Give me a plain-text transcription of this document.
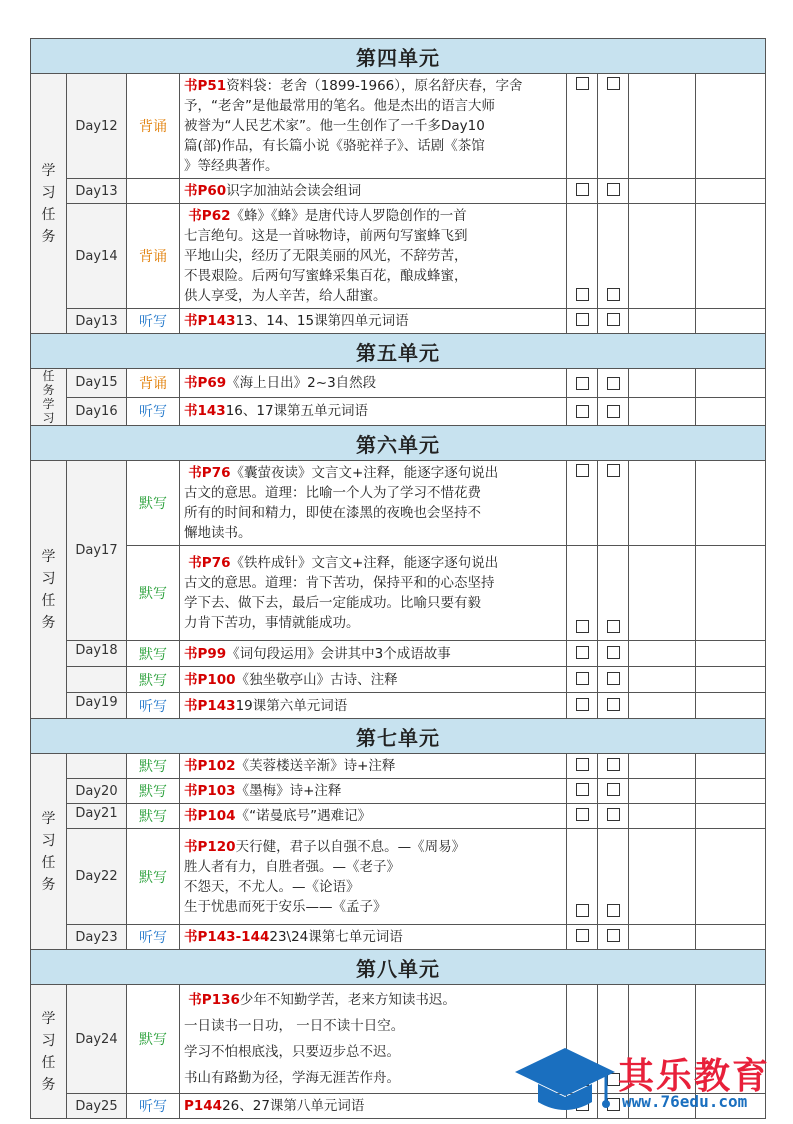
第四单元							

学
习
任
务	Day12	背诵	书P51资料袋：老舍（1899-1966），原名舒庆春，字舍
予，“老舍”是他最常用的笔名。他是杰出的语言大师
被誉为“人民艺术家”。他一生创作了一千多Day10
篇(部)作品，有长篇小说《骆驼祥子》、话剧《茶馆
》等经典著作。				

	Day13		书P60识字加油站会读会组词				
	Day14	背诵	书P62《蜂》《蜂》是唐代诗人罗隐创作的一首
七言绝句。这是一首咏物诗，前两句写蜜蜂飞到
平地山尖，经历了无限美丽的风光，不辞劳苦，
不畏艰险。后两句写蜜蜂采集百花，酿成蜂蜜，
供人享受，为人辛苦，给人甜蜜。				

	Day13	听写	书P14313、14、15课第四单元词语				
第五单元							

任
务
学
习	Day15	背诵	书P69《海上日出》2~3自然段				
	Day16	听写	书14316、17课第五单元词语				
第六单元							

学
习
任
务	Day17	默写	书P76《囊萤夜读》文言文+注释，能逐字逐句说出
古文的意思。道理：比喻一个人为了学习不惜花费
所有的时间和精力，即使在漆黑的夜晚也会坚持不
懈地读书。				

		默写	书P76《铁杵成针》文言文+注释，能逐字逐句说出
古文的意思。道理：肯下苦功，保持平和的心态坚持
学下去、做下去，最后一定能成功。比喻只要有毅
力肯下苦功，事情就能成功。				

	Day18	默写	书P99《词句段运用》会讲其中3个成语故事				
		默写	书P100《独坐敬亭山》古诗、注释				
	Day19	听写	书P14319课第六单元词语				
第七单元							

学
习
任
务		默写	书P102《芙蓉楼送辛渐》诗+注释				
	Day20	默写	书P103《墨梅》诗+注释				
	Day21	默写	书P104《“诺曼底号”遇难记》				
	Day22	默写	书P120天行健，君子以自强不息。—《周易》
胜人者有力，自胜者强。—《老子》
不怨天，不尤人。—《论语》
生于忧患而死于安乐——《孟子》				

	Day23	听写	书P143-14423\24课第七单元词语				
第八单元							

学
习
任
务	Day24	默写	书P136少年不知勤学苦，老来方知读书迟。
一日读书一日功， 一日不读十日空。
学习不怕根底浅，只要迈步总不迟。
书山有路勤为径，学海无涯苦作舟。				

	Day25	听写	P14426、27课第八单元词语				
其乐教育
www.76edu.com
